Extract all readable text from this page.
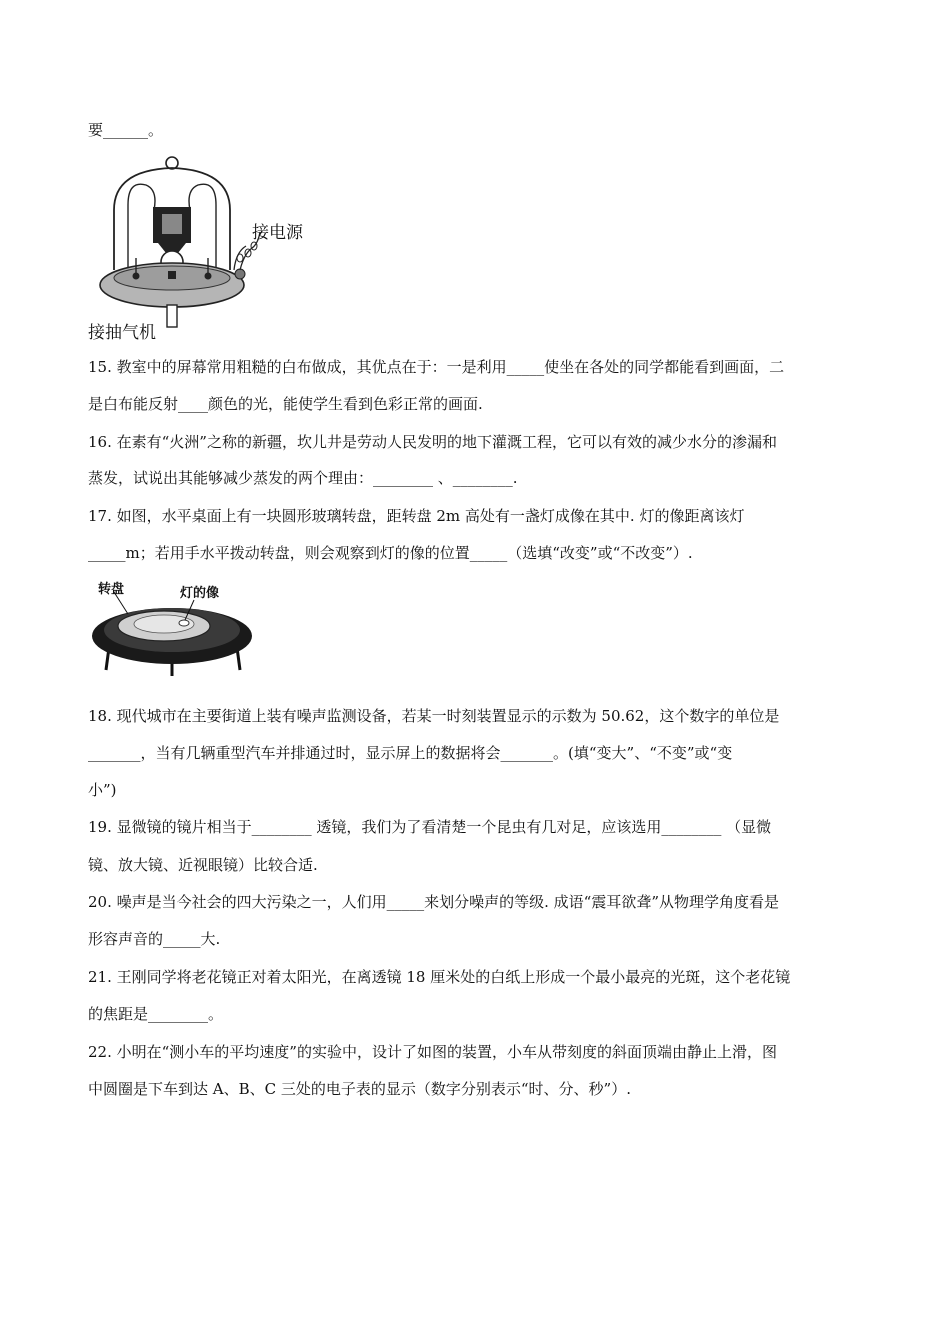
要______。
接电源
接抽气机
15. 教室中的屏幕常用粗糙的白布做成，其优点在于：一是利用_____使坐在各处的同学都能看到画面，二
是白布能反射____颜色的光，能使学生看到色彩正常的画面.
16. 在素有“火洲”之称的新疆，坎儿井是劳动人民发明的地下灌溉工程，它可以有效的减少水分的渗漏和
蒸发，试说出其能够减少蒸发的两个理由：________ 、________.
17. 如图，水平桌面上有一块圆形玻璃转盘，距转盘 2m 高处有一盏灯成像在其中. 灯的像距离该灯
_____m；若用手水平拨动转盘，则会观察到灯的像的位置_____（选填“改变”或“不改变”）.
转盘	灯的像
18. 现代城市在主要街道上装有噪声监测设备，若某一时刻装置显示的示数为 50.62，这个数字的单位是
_______，当有几辆重型汽车并排通过时，显示屏上的数据将会_______。(填“变大”、“不变”或“变
小”)
19. 显微镜的镜片相当于________ 透镜，我们为了看清楚一个昆虫有几对足，应该选用________ （显微
镜、放大镜、近视眼镜）比较合适.
20. 噪声是当今社会的四大污染之一，人们用_____来划分噪声的等级. 成语“震耳欲聋”从物理学角度看是
形容声音的_____大.
21. 王刚同学将老花镜正对着太阳光，在离透镜 18 厘米处的白纸上形成一个最小最亮的光斑，这个老花镜
的焦距是________。
22. 小明在“测小车的平均速度”的实验中，设计了如图的装置，小车从带刻度的斜面顶端由静止上滑，图
中圆圈是下车到达 A、B、C 三处的电子表的显示（数字分别表示“时、分、秒”）.
